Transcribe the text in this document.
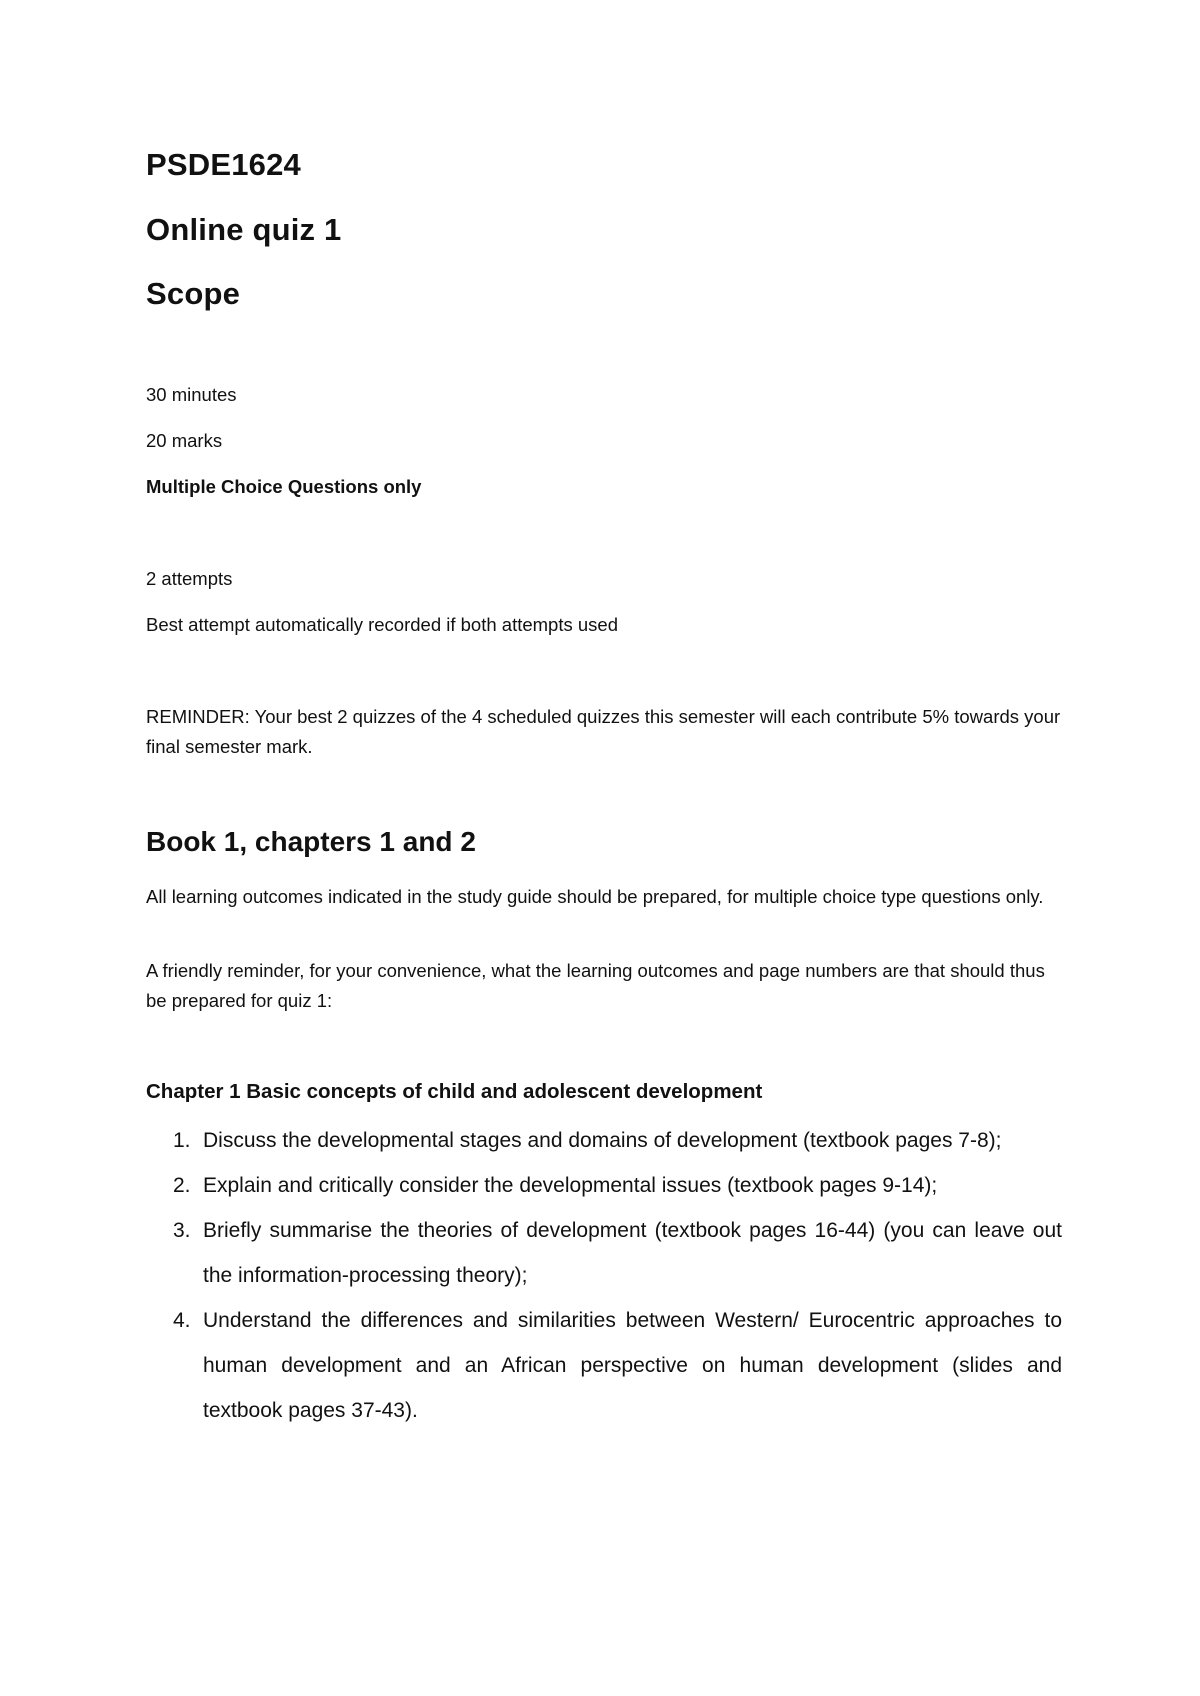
PSDE1624

Online quiz 1

Scope

30 minutes

20 marks

Multiple Choice Questions only

2 attempts

Best attempt automatically recorded if both attempts used

REMINDER: Your best 2 quizzes of the 4 scheduled quizzes this semester will each contribute 5% towards your final semester mark.

Book 1, chapters 1 and 2

All learning outcomes indicated in the study guide should be prepared, for multiple choice type questions only.

A friendly reminder, for your convenience, what the learning outcomes and page numbers are that should thus be prepared for quiz 1:

Chapter 1 Basic concepts of child and adolescent development

1. Discuss the developmental stages and domains of development (textbook pages 7-8);
2. Explain and critically consider the developmental issues (textbook pages 9-14);
3. Briefly summarise the theories of development (textbook pages 16-44) (you can leave out the information-processing theory);
4. Understand the differences and similarities between Western/ Eurocentric approaches to human development and an African perspective on human development (slides and textbook pages 37-43).
